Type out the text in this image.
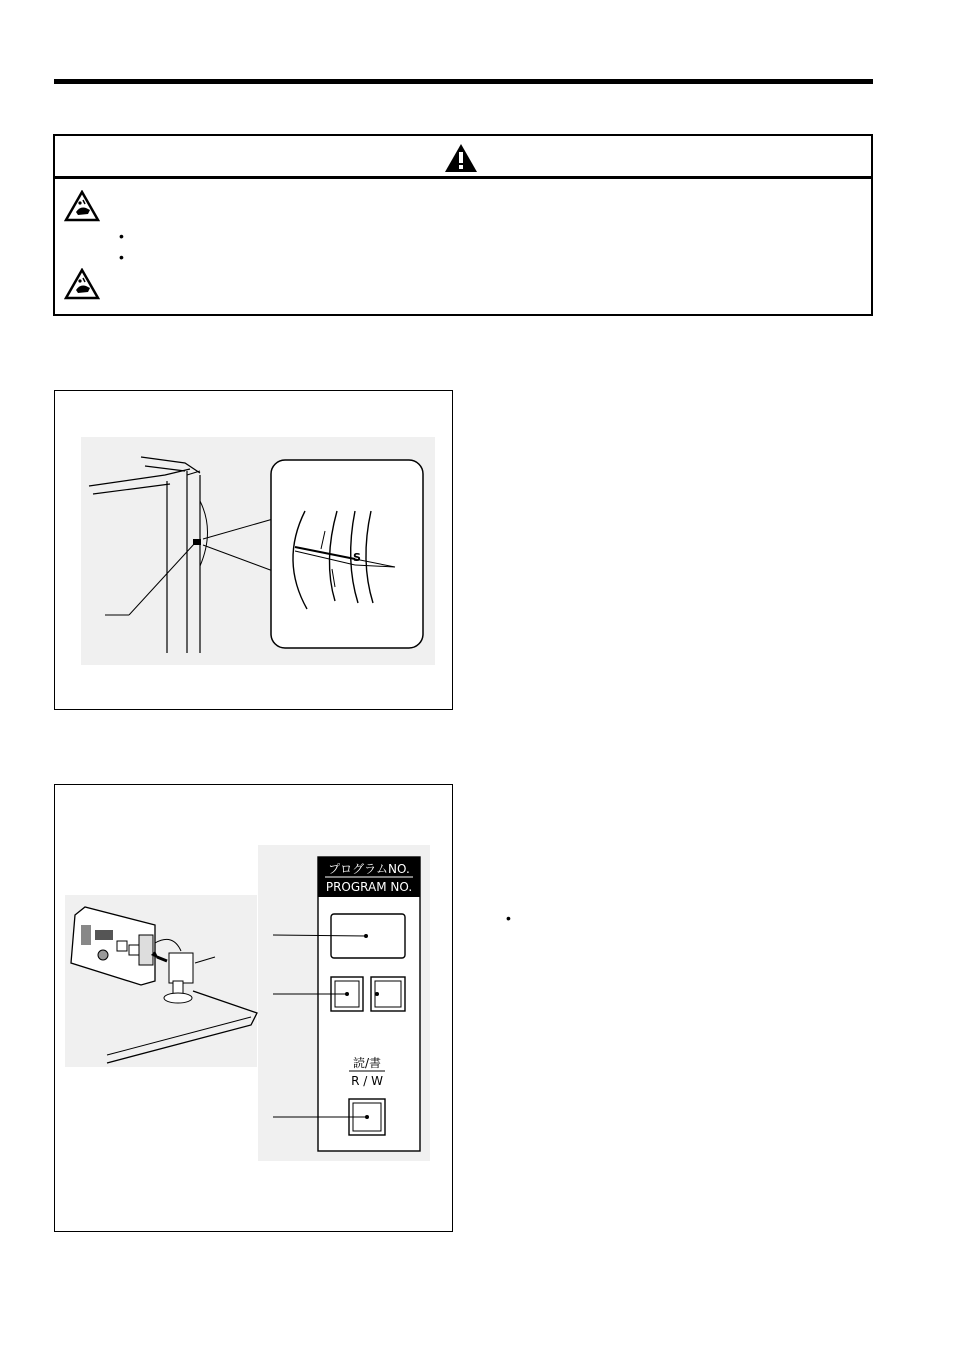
•
•
S
プログラムNO.
PROGRAM NO.
読/書
R / W
•
